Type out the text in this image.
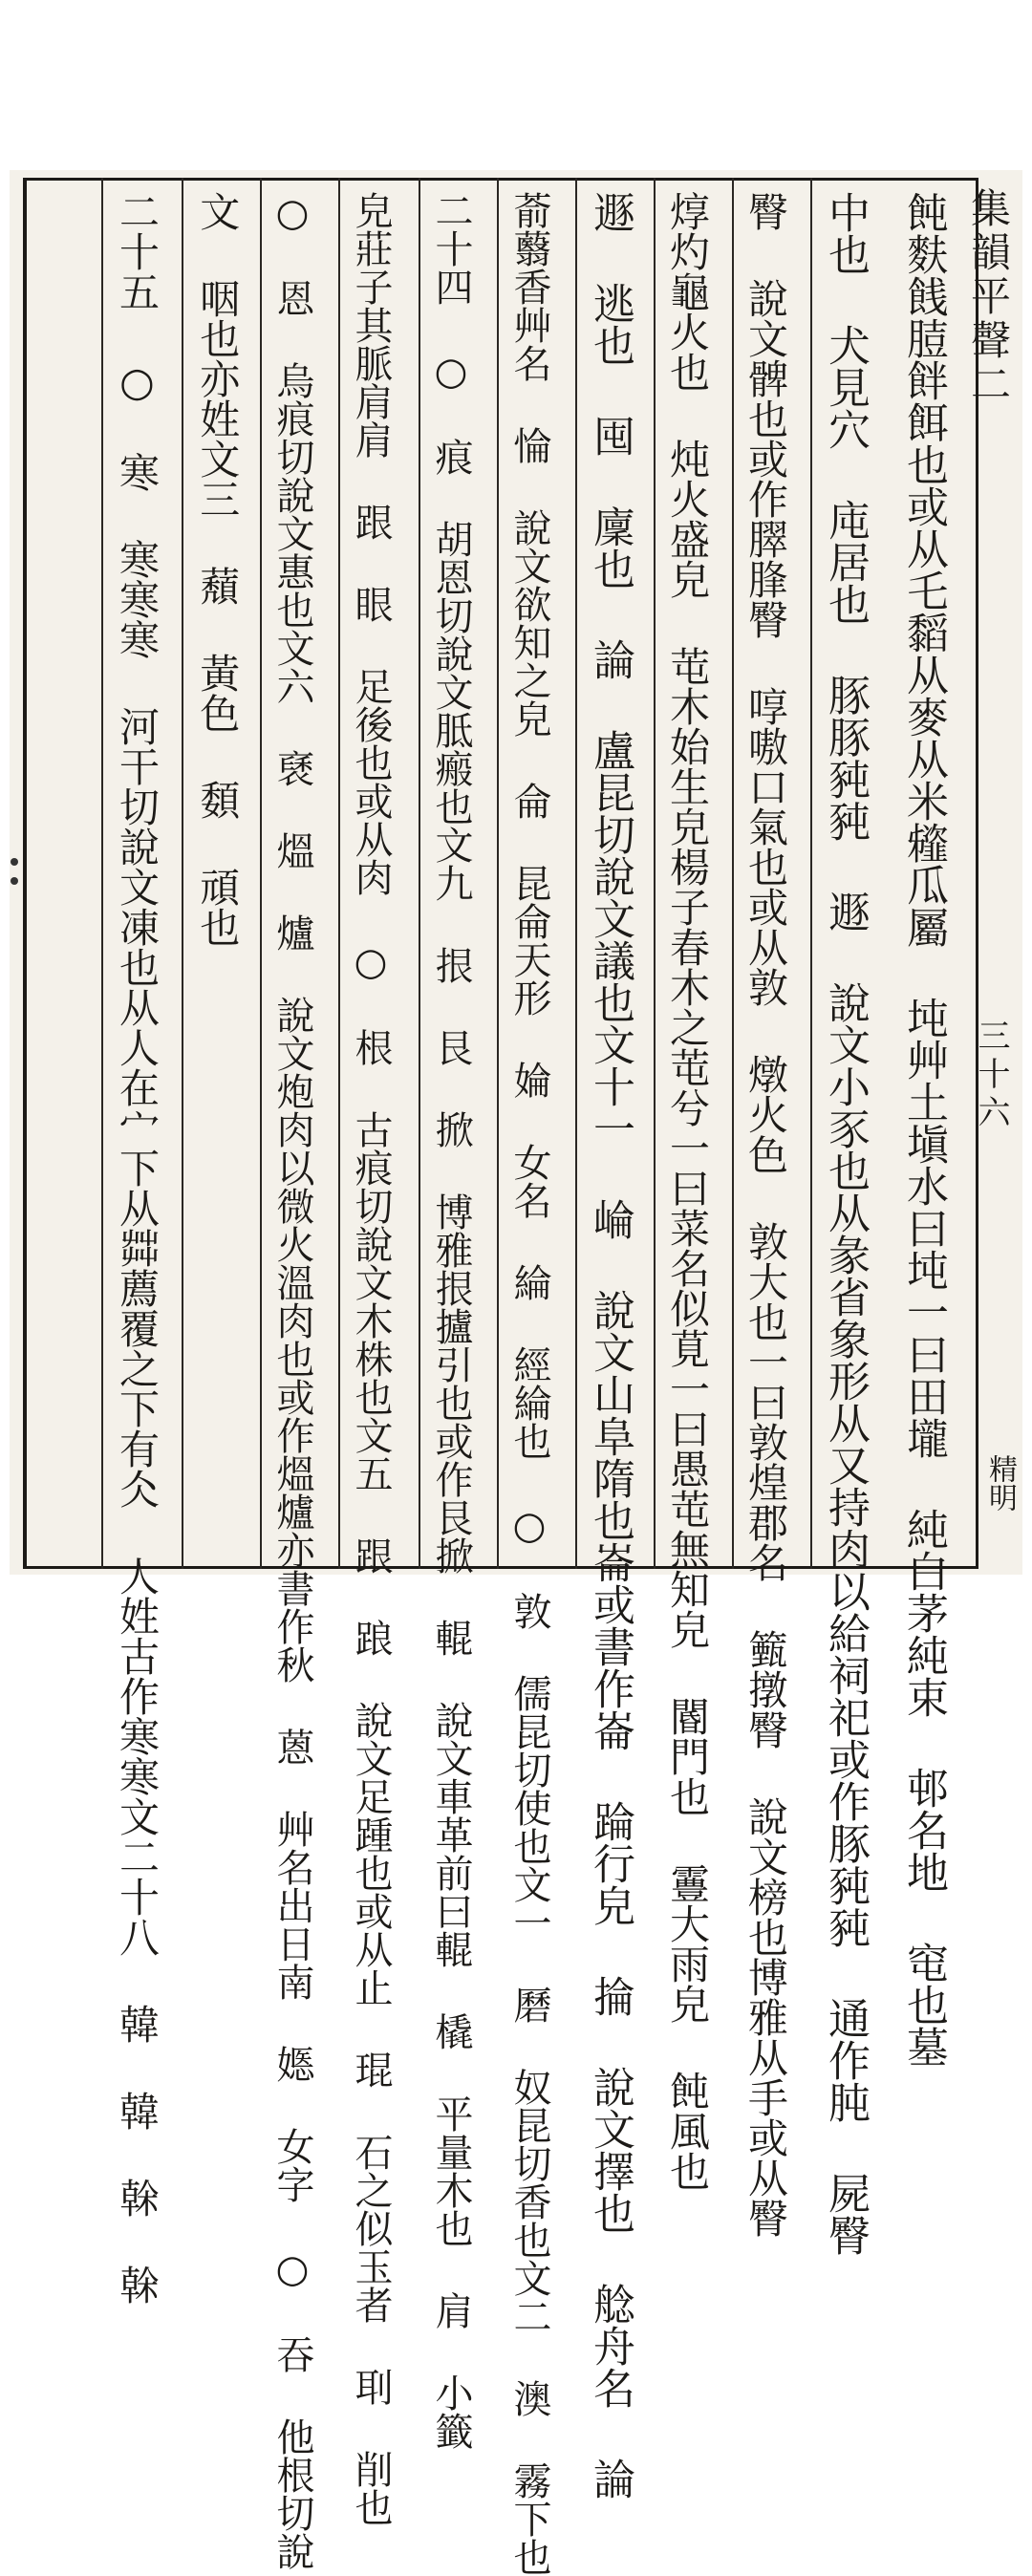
飩麩䬻䐍䬳餌也或从乇䵚从麥从米䪢瓜屬 坉艸土塡水曰坉一曰田壠 純白茅純束 邨名地 窀也墓
中也 犬見穴 庉居也 豚豚豘豘 遯 說文小豕也从彖省象形从又持肉以給祠祀或作豚豘豘 通作肫 屍臀
臀 說文髀也或作臎䏺臀 啍嗷口氣也或从敦 燉火色 敦大也一曰敦煌郡名 籈撴臀 說文榜也博雅从手或从臀
焞灼龜火也 炖火盛皃 芚木始生皃楊子春木之芚兮一曰菜名似莧一曰愚芚無知皃 閽門也 霻大雨皃 飩風也
遯 逃也 囤 廩也 論 盧昆切說文議也文十一 崘 說文山阜隋也崙或書作崙 踚行皃 掄 說文擇也 艌舟名 論
萮蘙香艸名 惀 說文欲知之皃 侖 昆侖天形 婨 女名 綸 經綸也 ○ 敦 儒昆切使也文一 磿 奴昆切香也文二 澳 霧下也
二十四 ○ 痕 胡恩切說文胝瘢也文九 拫 艮 掀 博雅拫攎引也或作艮掀 輥 說文車革前曰輥 橇 平量木也 肩 小籤
皃莊子其脈肩肩 跟 眼 足後也或从肉 ○ 根 古痕切說文木株也文五 跟 踉 說文足踵也或从止 琨 石之似玉者 刵 削也
○ 恩 烏痕切說文惠也文六 褎 熅 爐 說文炮肉以微火溫肉也或作熅爐亦書作秋 蒽 艸名出日南 嫕 女字 ○ 吞 他根切說
文 咽也亦姓文三 蘈 黃色 䫋 頑也
二十五 ○ 寒 寒寒寒 河干切說文凍也从人在宀下从茻薦覆之下有仌 人姓古作寒寒文二十八 韓 韓 榦 榦	集韻平聲二
三十六
精明
